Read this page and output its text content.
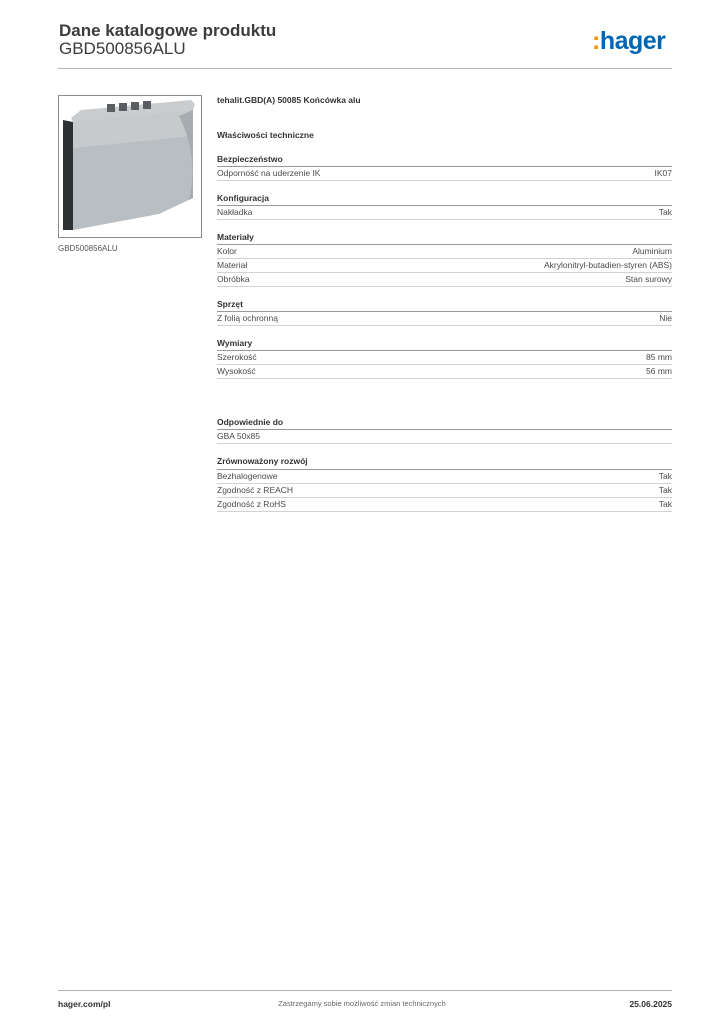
Dane katalogowe produktu
GBD500856ALU	:hager
GBD500856ALU
tehalit.GBD(A) 50085 Końcówka alu
Właściwości techniczne
Bezpieczeństwo
Odporność na uderzenie IK	IK07
Konfiguracja
Nakładka	Tak
Materiały
Kolor	Aluminium
Materiał	Akrylonitryl-butadien-styren (ABS)
Obróbka	Stan surowy
Sprzęt
Z folią ochronną	Nie
Wymiary
Szerokość	85 mm
Wysokość	56 mm
Odpowiednie do
GBA 50x85
Zrównoważony rozwój
Bezhalogenowe	Tak
Zgodność z REACH	Tak
Zgodność z RoHS	Tak
Zastrzegamy sobie możliwość zmian technicznych
hager.com/pl	25.06.2025
